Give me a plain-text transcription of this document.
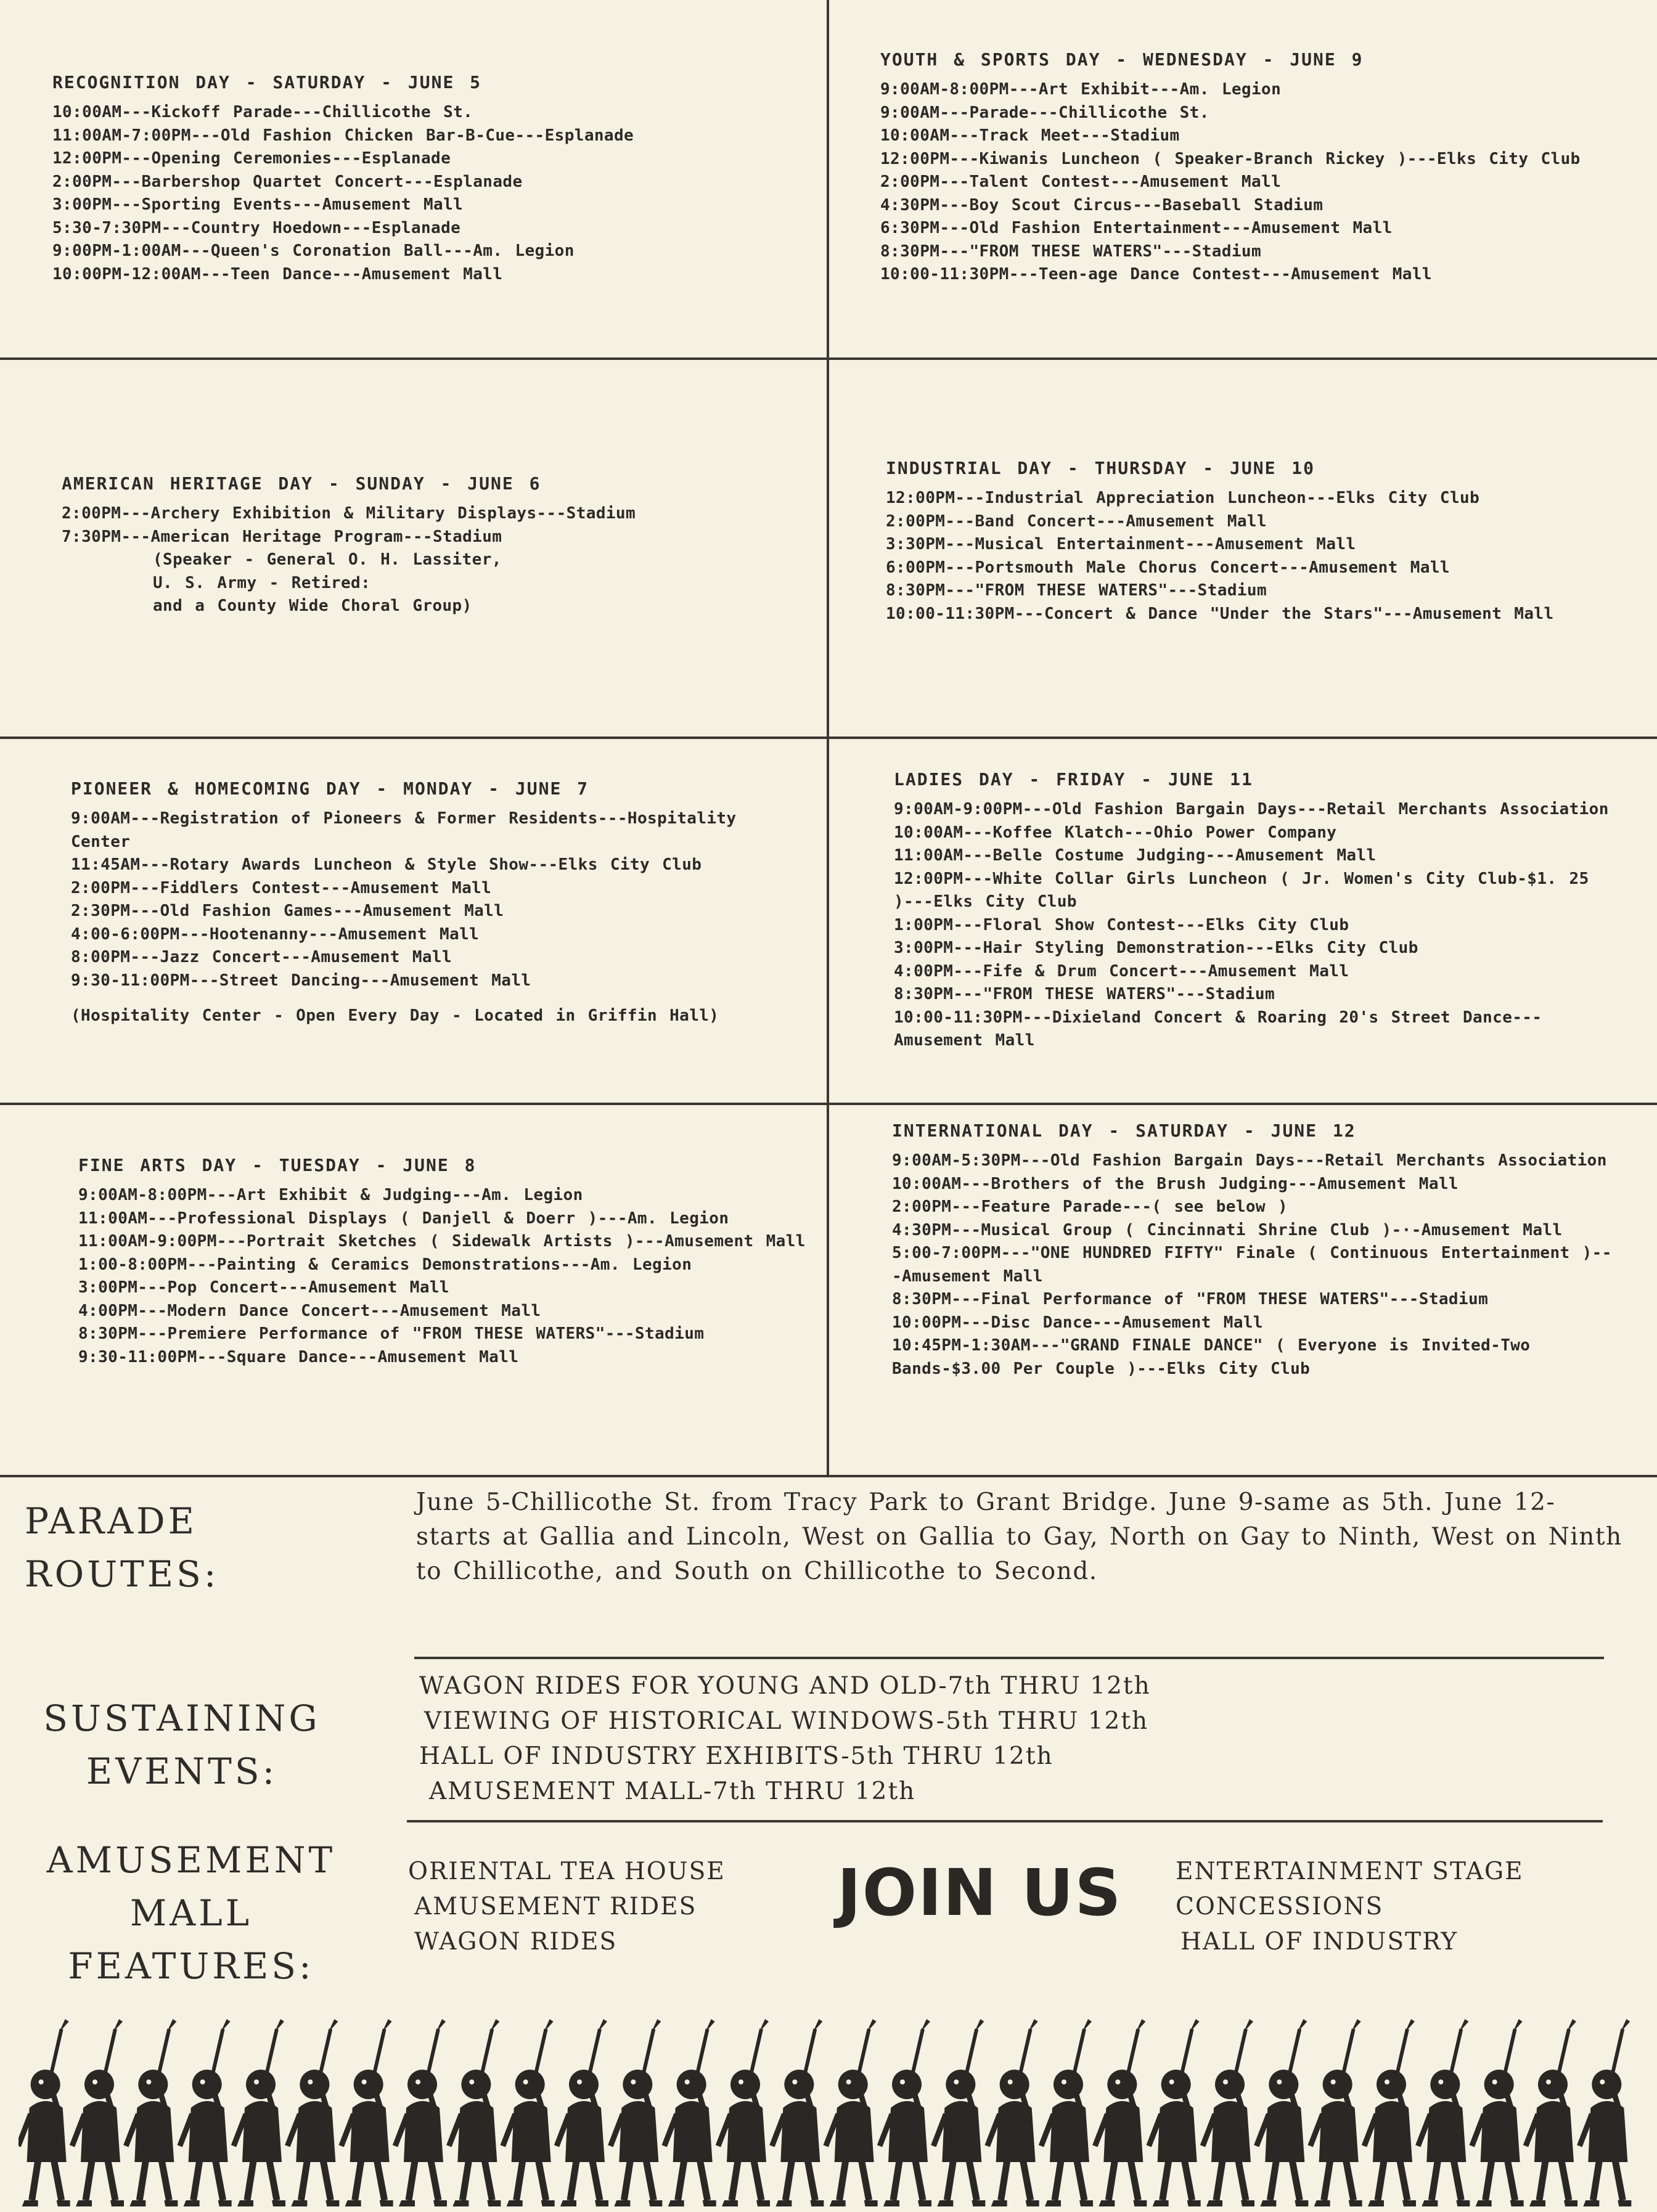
RECOGNITION DAY - SATURDAY - JUNE 5
10:00AM---Kickoff Parade---Chillicothe St.
11:00AM-7:00PM---Old Fashion Chicken Bar-B-Cue---Esplanade
12:00PM---Opening Ceremonies---Esplanade
2:00PM---Barbershop Quartet Concert---Esplanade
3:00PM---Sporting Events---Amusement Mall
5:30-7:30PM---Country Hoedown---Esplanade
9:00PM-1:00AM---Queen's Coronation Ball---Am. Legion
10:00PM-12:00AM---Teen Dance---Amusement Mall
YOUTH & SPORTS DAY - WEDNESDAY - JUNE 9
9:00AM-8:00PM---Art Exhibit---Am. Legion
9:00AM---Parade---Chillicothe St.
10:00AM---Track Meet---Stadium
12:00PM---Kiwanis Luncheon ( Speaker-Branch Rickey )---Elks City Club
2:00PM---Talent Contest---Amusement Mall
4:30PM---Boy Scout Circus---Baseball Stadium
6:30PM---Old Fashion Entertainment---Amusement Mall
8:30PM---"FROM THESE WATERS"---Stadium
10:00-11:30PM---Teen-age Dance Contest---Amusement Mall
AMERICAN HERITAGE DAY - SUNDAY - JUNE 6
2:00PM---Archery Exhibition & Military Displays---Stadium
7:30PM---American Heritage Program---Stadium
(Speaker - General O. H. Lassiter,
U. S. Army - Retired:
and a County Wide Choral Group)
INDUSTRIAL DAY - THURSDAY - JUNE 10
12:00PM---Industrial Appreciation Luncheon---Elks City Club
2:00PM---Band Concert---Amusement Mall
3:30PM---Musical Entertainment---Amusement Mall
6:00PM---Portsmouth Male Chorus Concert---Amusement Mall
8:30PM---"FROM THESE WATERS"---Stadium
10:00-11:30PM---Concert & Dance "Under the Stars"---Amusement Mall
PIONEER & HOMECOMING DAY - MONDAY - JUNE 7
9:00AM---Registration of Pioneers & Former Residents---Hospitality Center
11:45AM---Rotary Awards Luncheon & Style Show---Elks City Club
2:00PM---Fiddlers Contest---Amusement Mall
2:30PM---Old Fashion Games---Amusement Mall
4:00-6:00PM---Hootenanny---Amusement Mall
8:00PM---Jazz Concert---Amusement Mall
9:30-11:00PM---Street Dancing---Amusement Mall
(Hospitality Center - Open Every Day - Located in Griffin Hall)
LADIES DAY - FRIDAY - JUNE 11
9:00AM-9:00PM---Old Fashion Bargain Days---Retail Merchants Association
10:00AM---Koffee Klatch---Ohio Power Company
11:00AM---Belle Costume Judging---Amusement Mall
12:00PM---White Collar Girls Luncheon ( Jr. Women's City Club-$1. 25 )---Elks City Club
1:00PM---Floral Show Contest---Elks City Club
3:00PM---Hair Styling Demonstration---Elks City Club
4:00PM---Fife & Drum Concert---Amusement Mall
8:30PM---"FROM THESE WATERS"---Stadium
10:00-11:30PM---Dixieland Concert & Roaring 20's Street Dance---Amusement Mall
FINE ARTS DAY - TUESDAY - JUNE 8
9:00AM-8:00PM---Art Exhibit & Judging---Am. Legion
11:00AM---Professional Displays ( Danjell & Doerr )---Am. Legion
11:00AM-9:00PM---Portrait Sketches ( Sidewalk Artists )---Amusement Mall
1:00-8:00PM---Painting & Ceramics Demonstrations---Am. Legion
3:00PM---Pop Concert---Amusement Mall
4:00PM---Modern Dance Concert---Amusement Mall
8:30PM---Premiere Performance of "FROM THESE WATERS"---Stadium
9:30-11:00PM---Square Dance---Amusement Mall
INTERNATIONAL DAY - SATURDAY - JUNE 12
9:00AM-5:30PM---Old Fashion Bargain Days---Retail Merchants Association
10:00AM---Brothers of the Brush Judging---Amusement Mall
2:00PM---Feature Parade---( see below )
4:30PM---Musical Group ( Cincinnati Shrine Club )-·-Amusement Mall
5:00-7:00PM---"ONE HUNDRED FIFTY" Finale ( Continuous Entertainment )---Amusement Mall
8:30PM---Final Performance of "FROM THESE WATERS"---Stadium
10:00PM---Disc Dance---Amusement Mall
10:45PM-1:30AM---"GRAND FINALE DANCE" ( Everyone is Invited-Two Bands-$3.00 Per Couple )---Elks City Club
PARADE
ROUTES:
June 5-Chillicothe St. from Tracy Park to Grant Bridge. June 9-same as 5th. June 12-starts at Gallia and Lincoln, West on Gallia to Gay, North on Gay to Ninth, West on Ninth to Chillicothe, and South on Chillicothe to Second.
SUSTAINING
EVENTS:
WAGON RIDES FOR YOUNG AND OLD-7th THRU 12th
VIEWING OF HISTORICAL WINDOWS-5th THRU 12th
HALL OF INDUSTRY EXHIBITS-5th THRU 12th
AMUSEMENT MALL-7th THRU 12th
AMUSEMENT
MALL
FEATURES:
ORIENTAL TEA HOUSE
AMUSEMENT RIDES
WAGON RIDES
JOIN US ENTERTAINMENT STAGE
CONCESSIONS
HALL OF INDUSTRY
